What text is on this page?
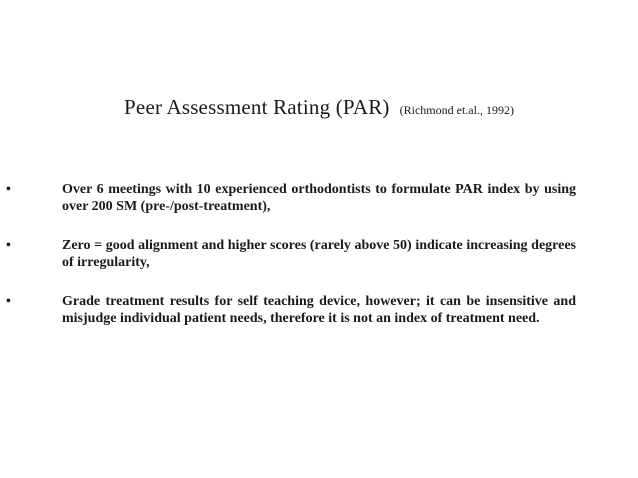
Peer Assessment Rating (PAR) (Richmond et.al., 1992)
•	Over 6 meetings with 10 experienced orthodontists to formulate PAR index by using over 200 SM (pre-/post-treatment),
•	Zero = good alignment and higher scores (rarely above 50) indicate increasing degrees of irregularity,
•	Grade treatment results for self teaching device, however; it can be insensitive and misjudge individual patient needs, therefore it is not an index of treatment need.
